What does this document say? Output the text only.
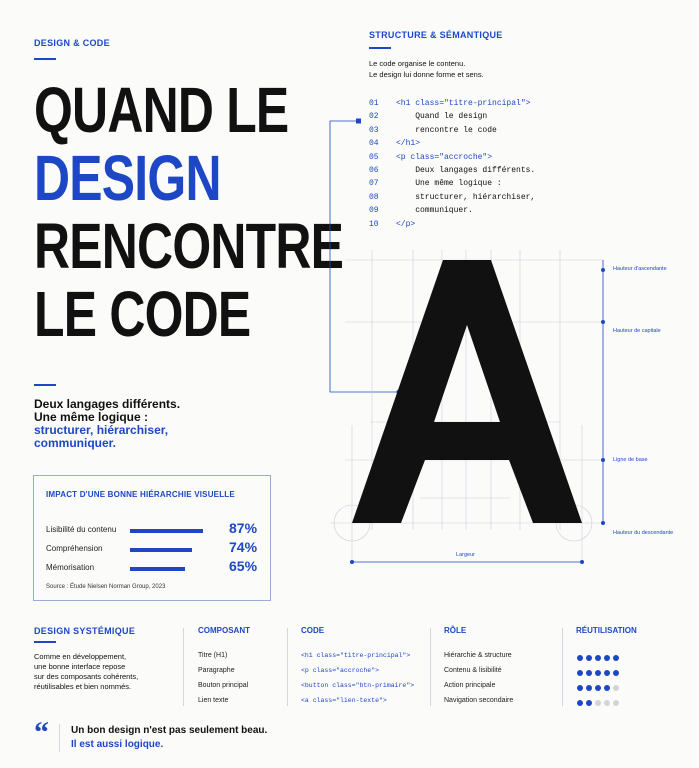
DESIGN & CODE
QUAND LE
DESIGN
RENCONTRE
LE CODE
Deux langages différents.
Une même logique :
structurer, hiérarchiser,
communiquer.
IMPACT D'UNE BONNE HIÉRARCHIE VISUELLE
Lisibilité du contenu	87%
Compréhension	74%
Mémorisation	65%
Source : Étude Nielsen Norman Group, 2023
STRUCTURE & SÉMANTIQUE
Le code organise le contenu.
Le design lui donne forme et sens.
01 <h1 class="titre-principal">
02    Quand le design
03    rencontre le code
04 </h1>
05 <p class="accroche">
06    Deux langages différents.
07    Une même logique :
08    structurer, hiérarchiser,
09    communiquer.
10 </p>
Hauteur d'ascendante
Hauteur de capitale
Ligne de base
Hauteur du descendante
Largeur
DESIGN SYSTÉMIQUE
Comme en développement,
une bonne interface repose
sur des composants cohérents,
réutilisables et bien nommés.
COMPOSANT	CODE	RÔLE	RÉUTILISATION
Titre (H1)	<h1 class="titre-principal">	Hiérarchie & structure
Paragraphe	<p class="accroche">	Contenu & lisibilité
Bouton principal	<button class="btn-primaire">	Action principale
Lien texte	<a class="lien-texte">	Navigation secondaire
“ Un bon design n'est pas seulement beau.
Il est aussi logique.
